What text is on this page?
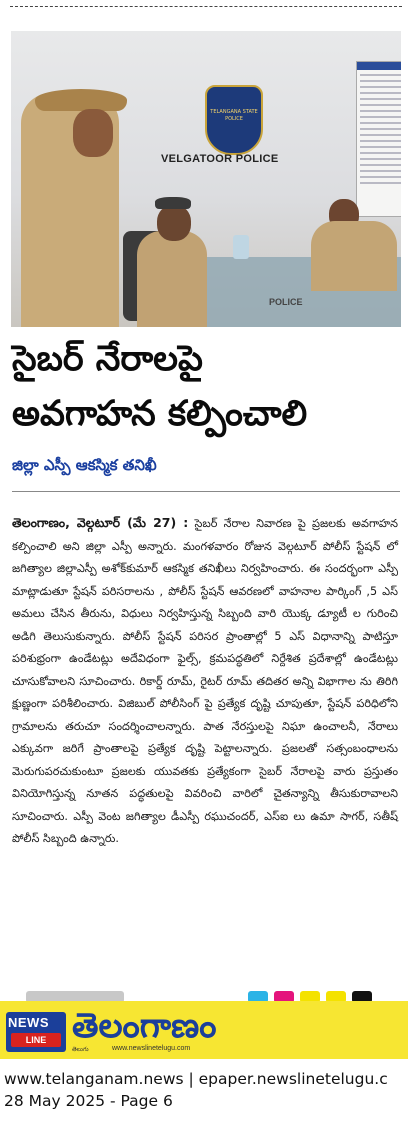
TELANGANA STATE POLICE
VELGATOOR POLICE
POLICE
సైబర్ నేరాలపై
అవగాహన కల్పించాలి
జిల్లా ఎస్పీ ఆకస్మిక తనిఖీ
తెలంగాణం, వెల్గటూర్ (మే 27) : సైబర్ నేరాల నివారణ పై ప్రజలకు అవగాహన కల్పించాలి అని జిల్లా ఎస్పీ అన్నారు. మంగళవారం రోజున వెల్గటూర్ పోలీస్ స్టేషన్ లో జగిత్యాల జిల్లాఎస్పీ అశోక్‌కుమార్ ఆకస్మిక తనిఖీలు నిర్వహించారు. ఈ సందర్భంగా ఎస్పీ మాట్లాడుతూ స్టేషన్ పరిసరాలను , పోలీస్‌ స్టేషన్ ఆవరణలో వాహనాల పార్కింగ్ ,5 ఎస్ అమలు చేసిన తీరును, విధులు నిర్వహిస్తున్న సిబ్బంది వారి యొక్క డ్యూటీ ల గురించి అడిగి తెలుసుకున్నారు. పోలీస్ స్టేషన్ పరిసర ప్రాంతాల్లో 5 ఎస్ విధానాన్ని పాటిస్తూ పరిశుభ్రంగా ఉండేటట్లు అదేవిధంగా ఫైల్స్, క్రమపద్ధతిలో నిర్దేశిత ప్రదేశాల్లో ఉండేటట్లు చూసుకోవాలని సూచించారు. రికార్డ్ రూమ్, రైటర్ రూమ్ తదితర అన్ని విభాగాల ను తిరిగి క్షుణ్ణంగా పరిశీలించారు. విజిబుల్ పోలీసింగ్ పై ప్రత్యేక దృష్టి చూపుతూ, స్టేషన్ పరిధిలోని గ్రామాలను తరుచూ సందర్శించాలన్నారు. పాత నేరస్తులపై నిఘా ఉంచాలనీ, నేరాలు ఎక్కువగా జరిగే ప్రాంతాలపై ప్రత్యేక దృష్టి పెట్టాలన్నారు. ప్రజలతో సత్సంబంధాలను మెరుగుపరచుకుంటూ ప్రజలకు యువతకు ప్రత్యేకంగా సైబర్ నేరాలపై వారు ప్రస్తుతం వినియోగిస్తున్న నూతన పద్ధతులపై వివరించి వారిలో చైతన్యాన్ని తీసుకురావాలని సూచించారు. ఎస్పీ వెంట జగిత్యాల డీఎస్పీ రఘుచందర్, ఎస్ఐ లు ఉమా సాగర్, సతీష్ పోలీస్ సిబ్బంది ఉన్నారు.
NEWS
LINE తెలంగాణం
తెలుగు	www.newslinetelugu.com
www.telanganam.news | epaper.newslinetelugu.c
28 May 2025 - Page 6
